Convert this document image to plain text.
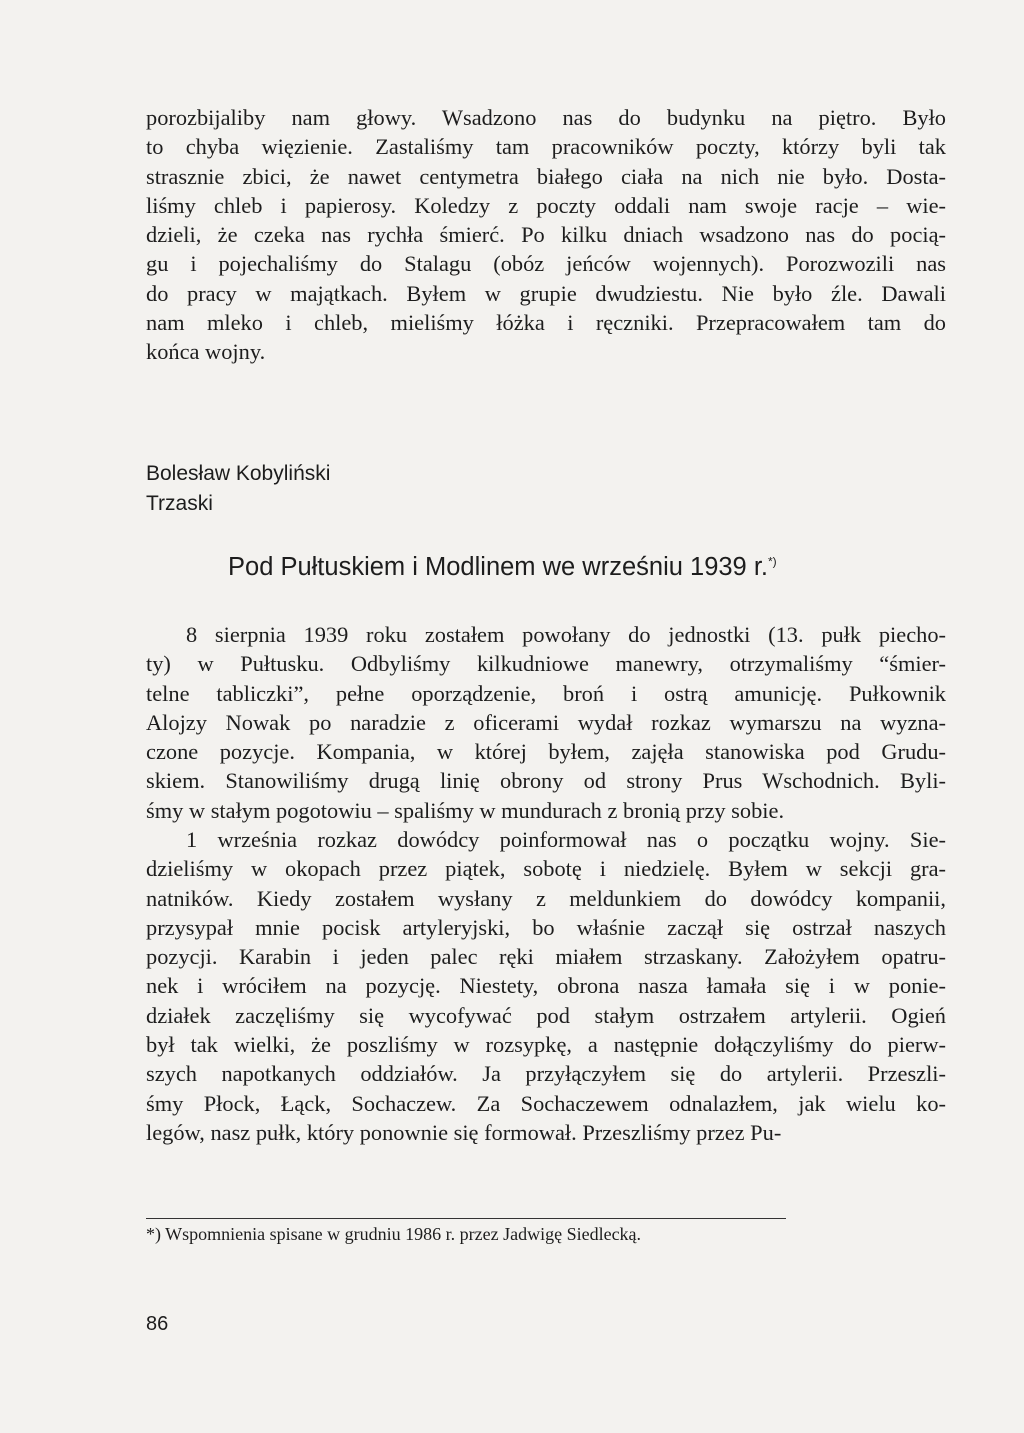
porozbijaliby nam głowy. Wsadzono nas do budynku na piętro. Było
to chyba więzienie. Zastaliśmy tam pracowników poczty, którzy byli tak
strasznie zbici, że nawet centymetra białego ciała na nich nie było. Dosta-
liśmy chleb i papierosy. Koledzy z poczty oddali nam swoje racje – wie-
dzieli, że czeka nas rychła śmierć. Po kilku dniach wsadzono nas do pocią-
gu i pojechaliśmy do Stalagu (obóz jeńców wojennych). Porozwozili nas
do pracy w majątkach. Byłem w grupie dwudziestu. Nie było źle. Dawali
nam mleko i chleb, mieliśmy łóżka i ręczniki. Przepracowałem tam do
końca wojny.
Bolesław Kobyliński
Trzaski
Pod Pułtuskiem i Modlinem we wrześniu 1939 r.*)
8 sierpnia 1939 roku zostałem powołany do jednostki (13. pułk piecho-
ty) w Pułtusku. Odbyliśmy kilkudniowe manewry, otrzymaliśmy “śmier-
telne tabliczki”, pełne oporządzenie, broń i ostrą amunicję. Pułkownik
Alojzy Nowak po naradzie z oficerami wydał rozkaz wymarszu na wyzna-
czone pozycje. Kompania, w której byłem, zajęła stanowiska pod Grudu-
skiem. Stanowiliśmy drugą linię obrony od strony Prus Wschodnich. Byli-
śmy w stałym pogotowiu – spaliśmy w mundurach z bronią przy sobie.
1 września rozkaz dowódcy poinformował nas o początku wojny. Sie-
dzieliśmy w okopach przez piątek, sobotę i niedzielę. Byłem w sekcji gra-
natników. Kiedy zostałem wysłany z meldunkiem do dowódcy kompanii,
przysypał mnie pocisk artyleryjski, bo właśnie zaczął się ostrzał naszych
pozycji. Karabin i jeden palec ręki miałem strzaskany. Założyłem opatru-
nek i wróciłem na pozycję. Niestety, obrona nasza łamała się i w ponie-
działek zaczęliśmy się wycofywać pod stałym ostrzałem artylerii. Ogień
był tak wielki, że poszliśmy w rozsypkę, a następnie dołączyliśmy do pierw-
szych napotkanych oddziałów. Ja przyłączyłem się do artylerii. Przeszli-
śmy Płock, Łąck, Sochaczew. Za Sochaczewem odnalazłem, jak wielu ko-
legów, nasz pułk, który ponownie się formował. Przeszliśmy przez Pu-
*) Wspomnienia spisane w grudniu 1986 r. przez Jadwigę Siedlecką.
86
